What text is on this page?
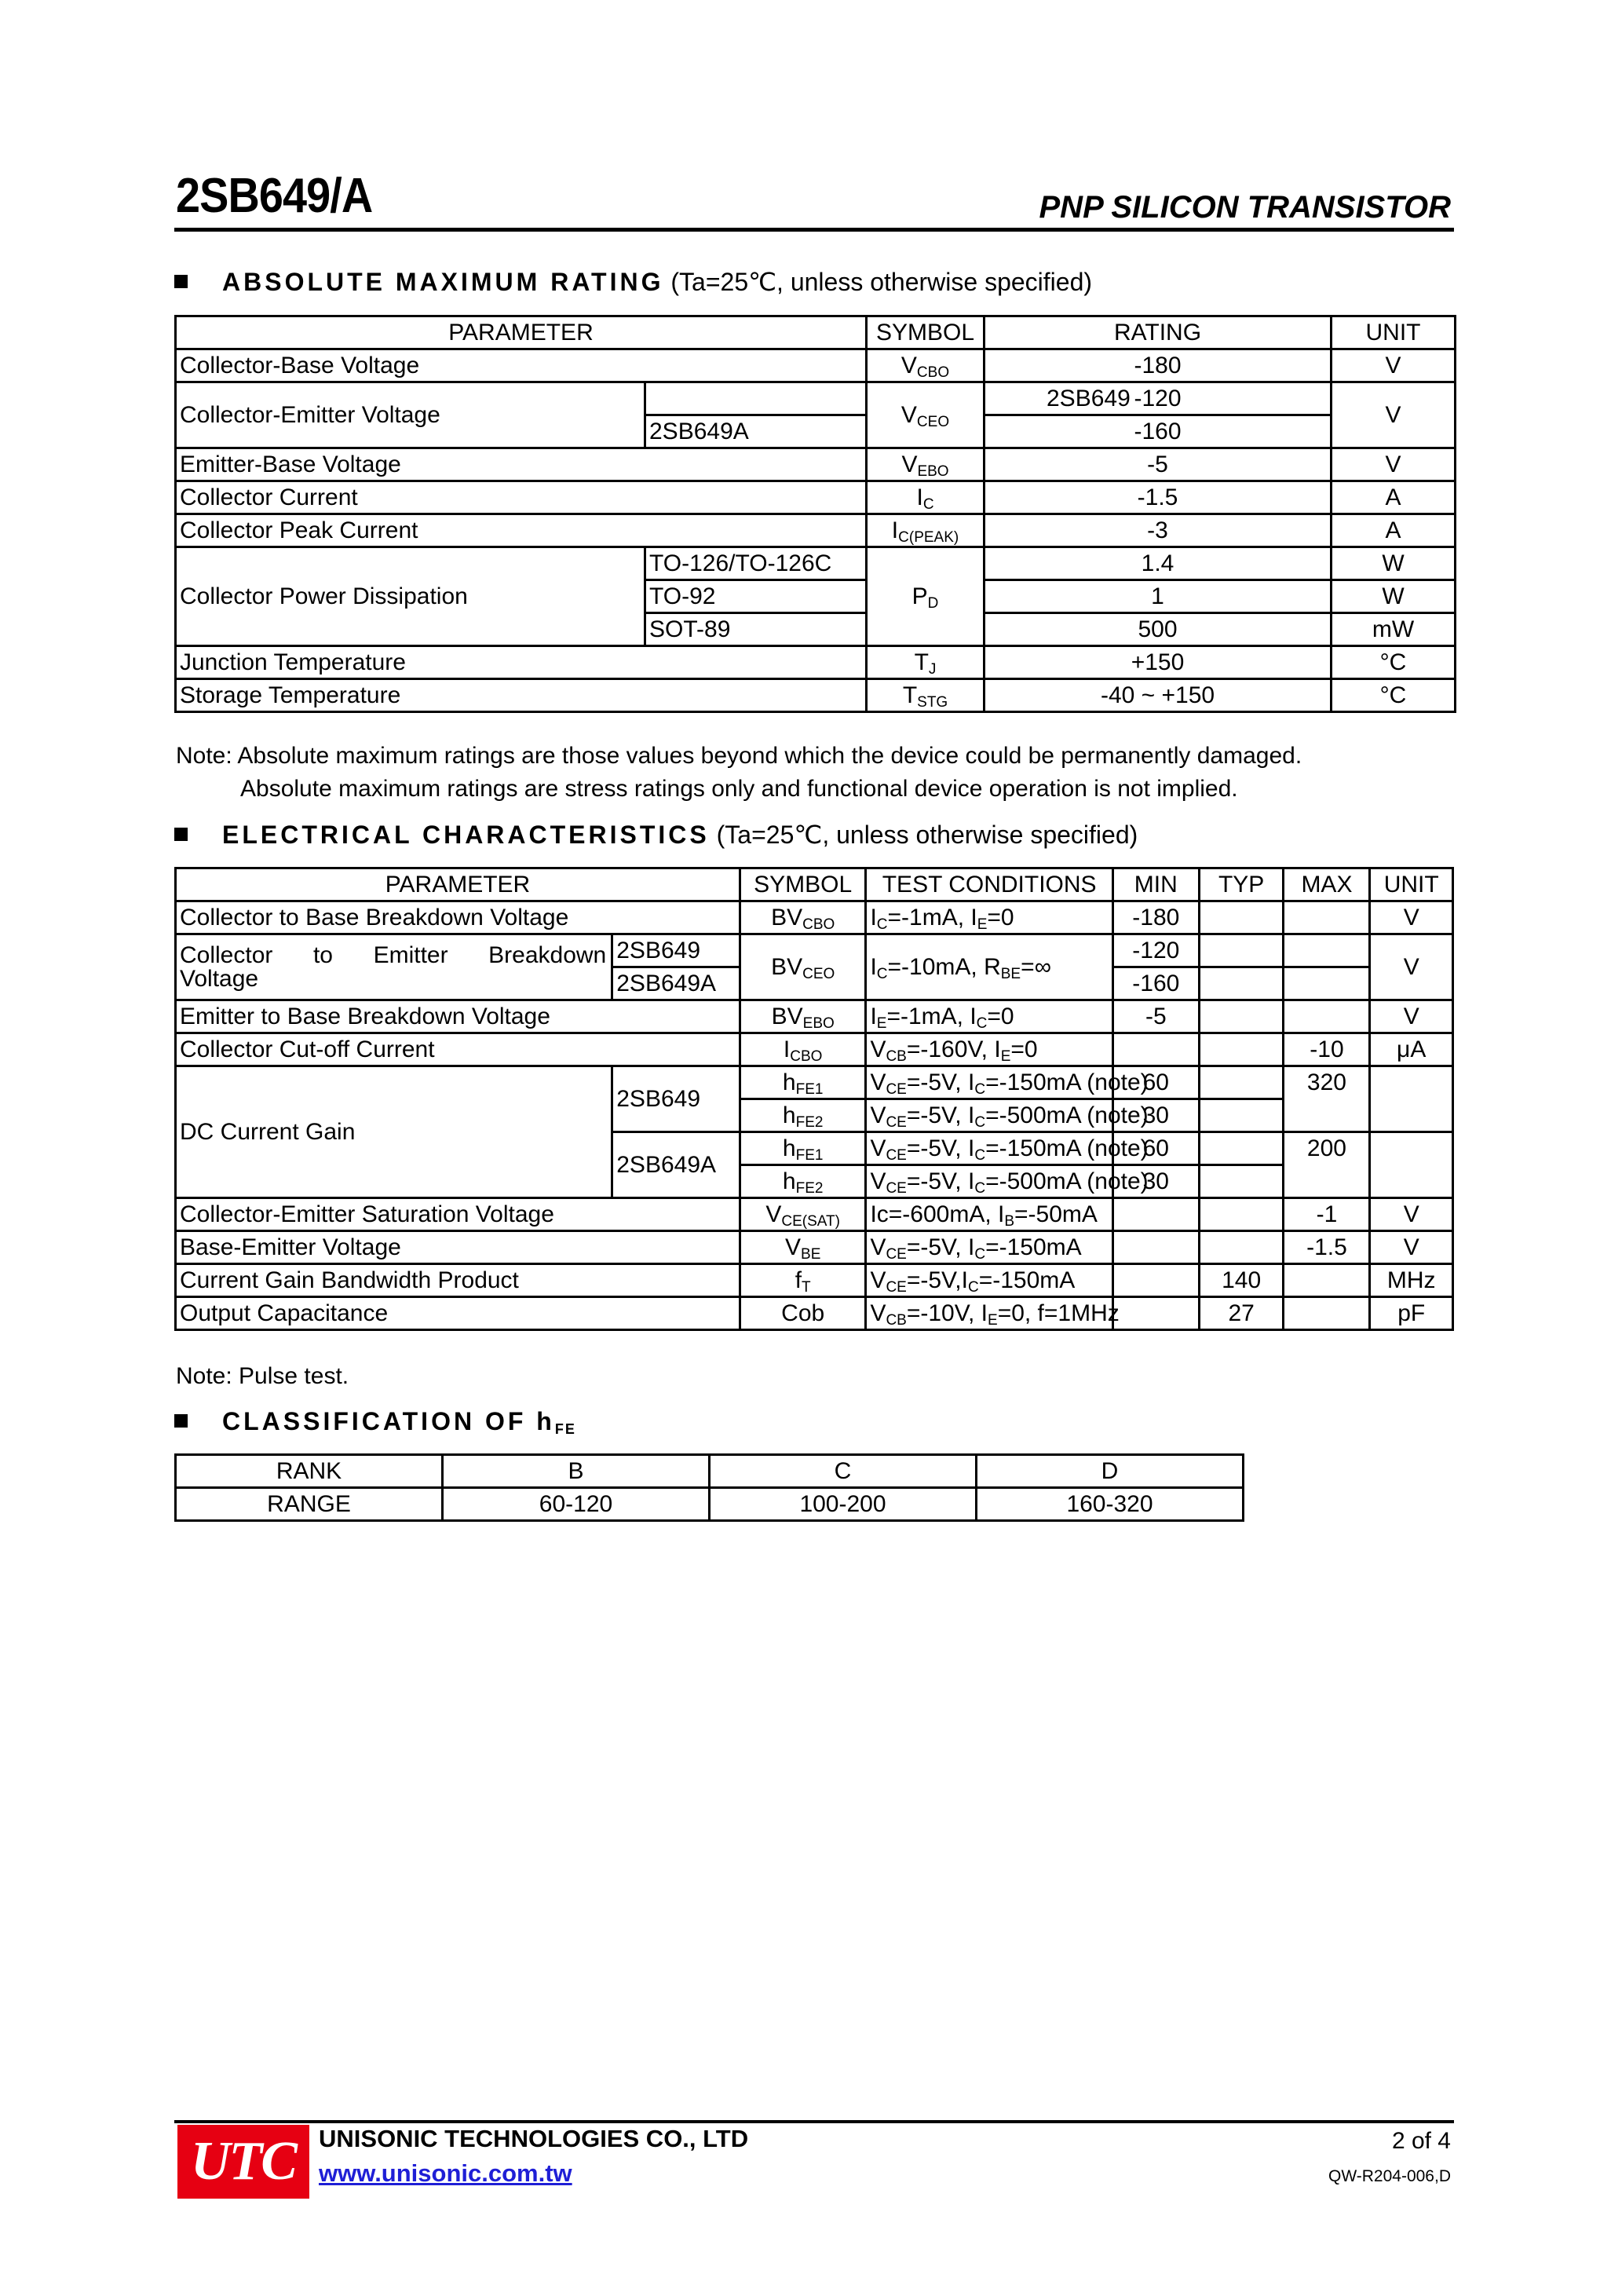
2SB649/A	PNP SILICON TRANSISTOR
ABSOLUTE MAXIMUM RATING (Ta=25℃, unless otherwise specified)
PARAMETER		SYMBOL	RATING	UNIT
Collector-Base Voltage		$V_{CBO}$	-180	V
Collector-Emitter Voltage	2SB649	$V_{CEO}$	-120	V
	2SB649A		-160	
Emitter-Base Voltage		$V_{EBO}$	-5	V
Collector Current		$I_C$	-1.5	A
Collector Peak Current		$I_{C(PEAK)}$	-3	A
Collector Power Dissipation	TO-126/TO-126C	$P_D$	1.4	W
	TO-92		1	W
	SOT-89		500	mW
Junction Temperature		$T_J$	+150	°C
Storage Temperature		$T_{STG}$	-40 ~ +150	°C
Note: Absolute maximum ratings are those values beyond which the device could be permanently damaged.
Absolute maximum ratings are stress ratings only and functional device operation is not implied.
ELECTRICAL CHARACTERISTICS (Ta=25℃, unless otherwise specified)
PARAMETER		SYMBOL	TEST CONDITIONS	MIN	TYP	MAX	UNIT
Collector to Base Breakdown Voltage		$BV_{CBO}$	$I_C=-1mA$, $I_E=0$	-180			V

Collector to Emitter Breakdown
Voltage	2SB649	$BV_{CEO}$	$I_C=-10mA$, $R_{BE}=\infty$	-120			V
	2SB649A			-160			
Emitter to Base Breakdown Voltage		$BV_{EBO}$	$I_E=-1mA$, $I_C=0$	-5			V
Collector Cut-off Current		$I_{CBO}$	$V_{CB}=-160V$, $I_E=0$			-10	μA
DC Current Gain	2SB649	$h_{FE1}$	$V_{CE}=-5V$, $I_C=-150mA$ (note)	60		320	
		$h_{FE2}$	$V_{CE}=-5V$, $I_C=-500mA$ (note)	30			
	2SB649A	$h_{FE1}$	$V_{CE}=-5V$, $I_C=-150mA$ (note)	60		200	
		$h_{FE2}$	$V_{CE}=-5V$, $I_C=-500mA$ (note)	30			
Collector-Emitter Saturation Voltage		$V_{CE(SAT)}$	Ic=-600mA, $I_B=-50mA$			-1	V
Base-Emitter Voltage		$V_{BE}$	$V_{CE}=-5V$, $I_C=-150mA$			-1.5	V
Current Gain Bandwidth Product		$f_T$	$V_{CE}=-5V,I_C=-150mA$		140		MHz
Output Capacitance		Cob	$V_{CB}=-10V$, $I_E=0$, f=1MHz		27		pF
Note: Pulse test.
CLASSIFICATION OF $h_{FE}$
RANK	B	C	D
RANGE	60-120	100-200	160-320
UTC UNISONIC TECHNOLOGIES CO., LTD
www.unisonic.com.tw
2 of 4
QW-R204-006,D
